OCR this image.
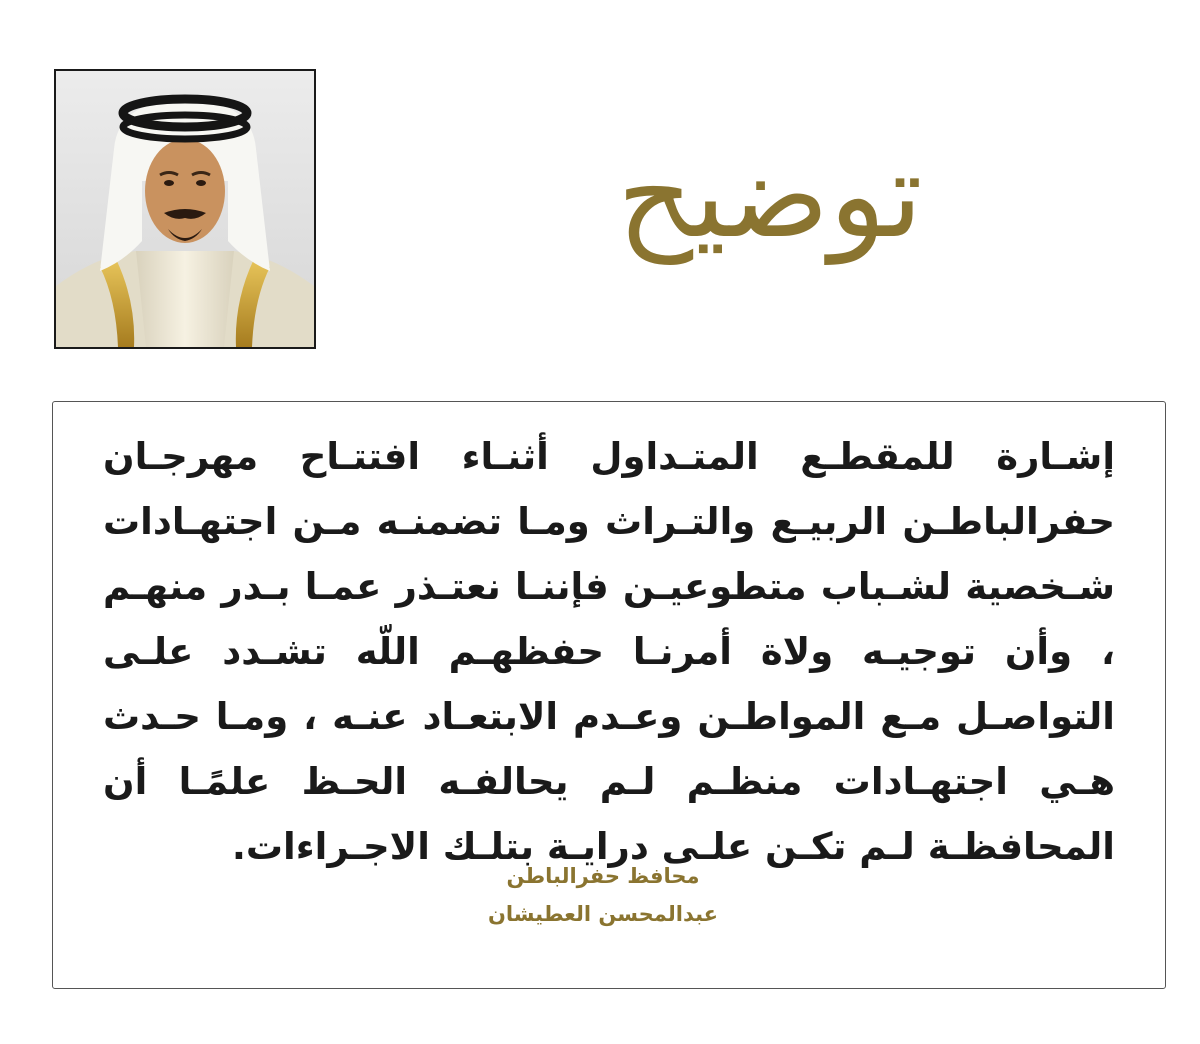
توضيح

إشـارة للمقطـع المتـداول أثنـاء افتتـاح مهرجـان حفرالباطـن الربيـع والتـراث ومـا تضمنـه مـن اجتهـادات شـخصية لشـباب متطوعيـن فإننـا نعتـذر عمـا بـدر منهـم ، وأن توجيـه ولاة أمرنـا حفظهـم اللّه تشـدد علـى التواصـل مـع المواطـن وعـدم الابتعـاد عنـه ، ومـا حـدث هـي اجتهـادات منظـم لـم يحالفـه الحـظ علمًـا أن المحافظـة لـم تكـن علـى درايـة بتلـك الاجـراءات.

محافظ حفرالباطن
عبدالمحسن العطيشان
